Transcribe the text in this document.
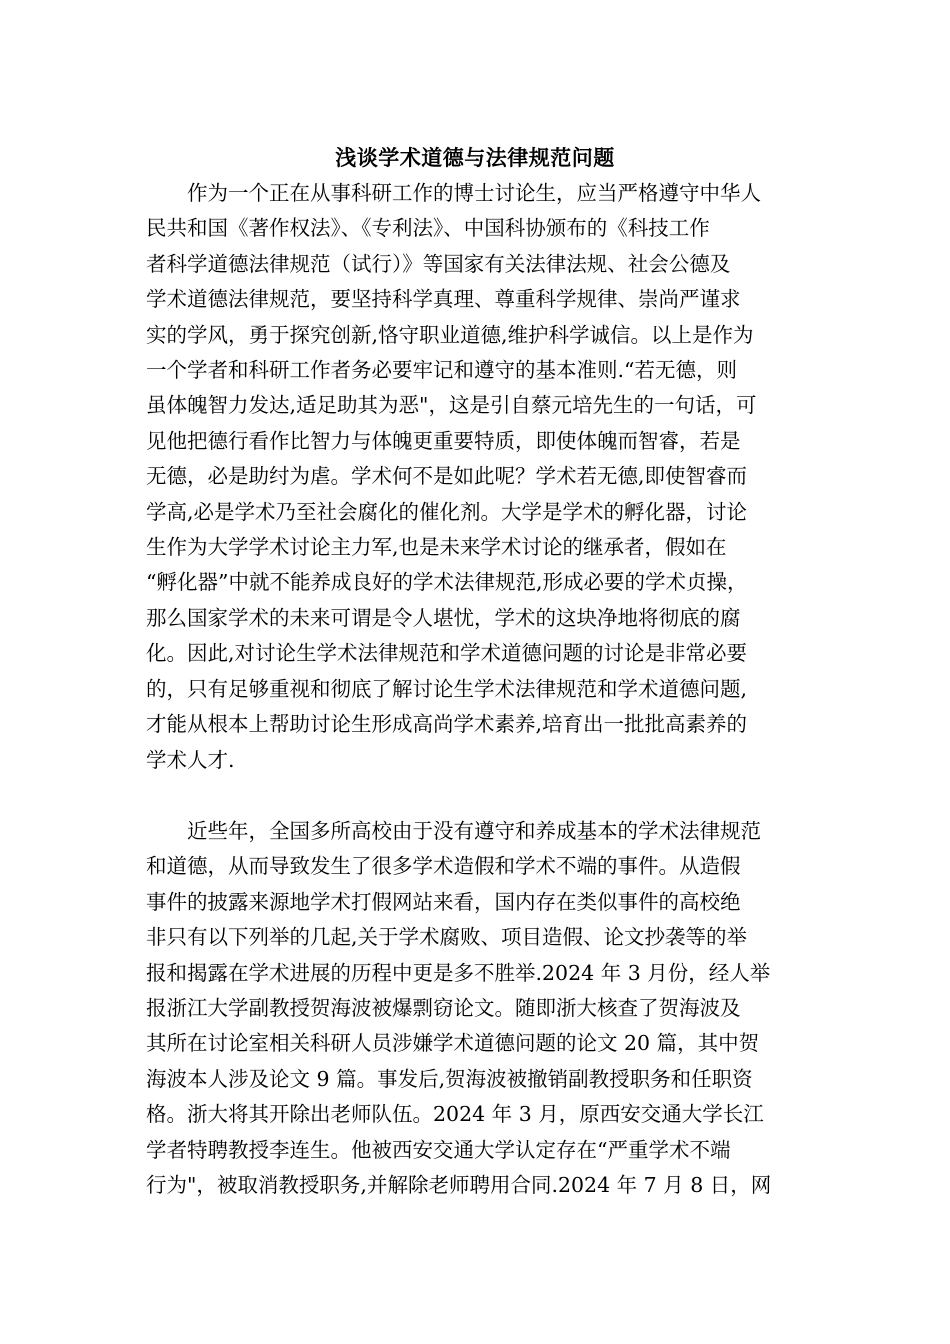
浅谈学术道德与法律规范问题

作为一个正在从事科研工作的博士讨论生，应当严格遵守中华人
民共和国《著作权法》、《专利法》、中国科协颁布的《科技工作
者科学道德法律规范（试行）》等国家有关法律法规、社会公德及
学术道德法律规范，要坚持科学真理、尊重科学规律、崇尚严谨求
实的学风，勇于探究创新,恪守职业道德,维护科学诚信。以上是作为
一个学者和科研工作者务必要牢记和遵守的基本准则.“若无德，则
虽体魄智力发达,适足助其为恶"，这是引自蔡元培先生的一句话，可
见他把德行看作比智力与体魄更重要特质，即使体魄而智睿，若是
无德，必是助纣为虐。学术何不是如此呢？学术若无德,即使智睿而
学高,必是学术乃至社会腐化的催化剂。大学是学术的孵化器，讨论
生作为大学学术讨论主力军,也是未来学术讨论的继承者，假如在
“孵化器”中就不能养成良好的学术法律规范,形成必要的学术贞操，
那么国家学术的未来可谓是令人堪忧，学术的这块净地将彻底的腐
化。因此,对讨论生学术法律规范和学术道德问题的讨论是非常必要
的，只有足够重视和彻底了解讨论生学术法律规范和学术道德问题,
才能从根本上帮助讨论生形成高尚学术素养,培育出一批批高素养的
学术人才.

近些年，全国多所高校由于没有遵守和养成基本的学术法律规范
和道德，从而导致发生了很多学术造假和学术不端的事件。从造假
事件的披露来源地学术打假网站来看，国内存在类似事件的高校绝
非只有以下列举的几起,关于学术腐败、项目造假、论文抄袭等的举
报和揭露在学术进展的历程中更是多不胜举.2024 年 3 月份，经人举
报浙江大学副教授贺海波被爆剽窃论文。随即浙大核查了贺海波及
其所在讨论室相关科研人员涉嫌学术道德问题的论文 20 篇，其中贺
海波本人涉及论文 9 篇。事发后,贺海波被撤销副教授职务和任职资
格。浙大将其开除出老师队伍。2024 年 3 月，原西安交通大学长江
学者特聘教授李连生。他被西安交通大学认定存在“严重学术不端
行为"，被取消教授职务,并解除老师聘用合同.2024 年 7 月 8 日，网
